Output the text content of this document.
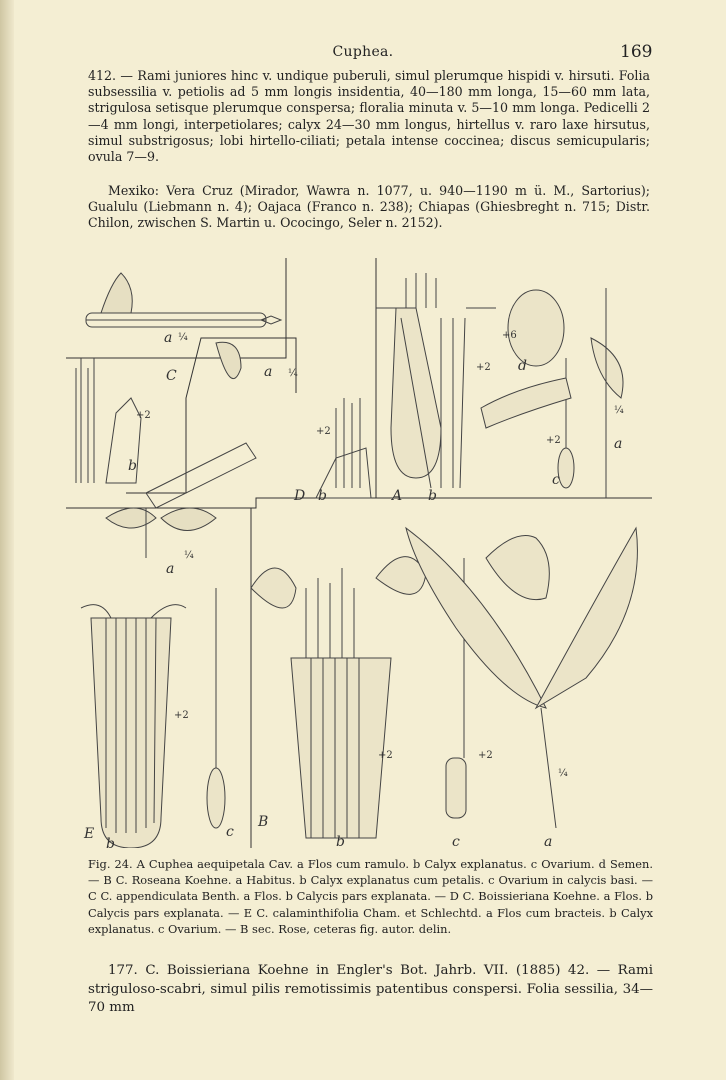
Cuphea.	169

412. — Rami juniores hinc v. undique puberuli, simul plerumque hispidi v. hirsuti. Folia subsessilia v. petiolis ad 5 mm longis insidentia, 40—180 mm longa, 15—60 mm lata, strigulosa setisque plerumque conspersa; floralia minuta v. 5—10 mm longa. Pedicelli 2—4 mm longi, interpetiolares; calyx 24—30 mm longus, hirtellus v. raro laxe hirsutus, simul substrigosus; lobi hirtello-ciliati; petala intense coccinea; discus semicupularis; ovula 7—9.

Mexiko: Vera Cruz (Mirador, Wawra n. 1077, u. 940—1190 m ü. M., Sartorius); Gualulu (Liebmann n. 4); Oajaca (Franco n. 238); Chiapas (Ghiesbreght n. 715; Distr. Chilon, zwischen S. Martin u. Ococingo, Seler n. 2152).

a ¼
C	a ¼
+2
b
a
¼
+2
D b	A b
+2
+6
d
+2
c
¼
a
E
b
+2
c
B
b
+2	+2
c	a
¼

Fig. 24. A Cuphea aequipetala Cav. a Flos cum ramulo. b Calyx explanatus. c Ovarium. d Semen. — B C. Roseana Koehne. a Habitus. b Calyx explanatus cum petalis. c Ovarium in calycis basi. — C C. appendiculata Benth. a Flos. b Calycis pars explanata. — D C. Boissieriana Koehne. a Flos. b Calycis pars explanata. — E C. calaminthifolia Cham. et Schlechtd. a Flos cum bracteis. b Calyx explanatus. c Ovarium. — B sec. Rose, ceteras fig. autor. delin.

177. C. Boissieriana Koehne in Engler's Bot. Jahrb. VII. (1885) 42. — Rami striguloso-scabri, simul pilis remotissimis patentibus conspersi. Folia sessilia, 34—70 mm
